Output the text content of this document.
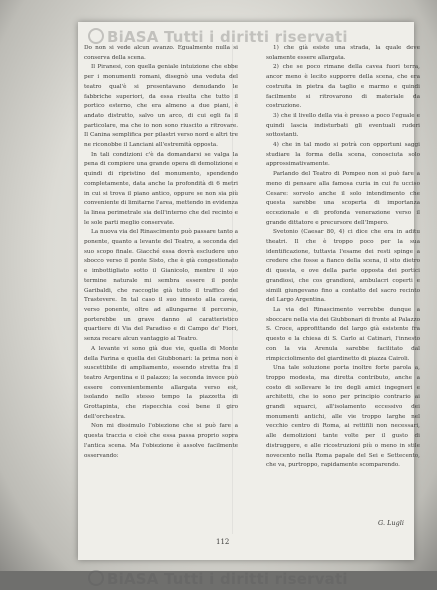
BiASA Tutti i diritti riservati
BiASA Tutti i diritti riservati

Do non si vede alcun avanzo. Egualmente nulla si conserva della scena.

Il Piranesi, con quella geniale intuizione che ebbe per i monumenti romani, disegnò una veduta del teatro qual'è si presentavano denudando le fabbriche superiori, da essa risulta che tutto il portico esterno, che era almeno a due piani, è andato distrutto, salvo un arco, di cui egli fa il particolare, ma che io non sono riuscito a ritrovare. Il Canina semplifica per pilastri verso nord e altri tre ne riconobbe il Lanciani all'estremità opposta.

In tali condizioni c'è da domandarsi se valga la pena di compiere una grande opera di demolizione e quindi di ripristino del monumento, spendendo completamente, data anche la profondità di 6 metri in cui si trova il piano antico, oppure se non sia più conveniente di limitarne l'area, mettendo in evidenza la linea perimetrale sia dell'interno che del recinto e le sole parti meglio conservate.

La nuova via del Rinascimento può passare tanto a ponente, quanto a levante del Teatro, a seconda del suo scopo finale. Giacché essa dovrà escludere uno sbocco verso il ponte Sisto, che è già congestionato e imbottigliato sotto il Gianicolo, mentre il suo termine naturale mi sembra essere il ponte Garibaldi, che raccoglie già tutto il traffico del Trastevere. In tal caso il suo innesto alla cavea, verso ponente, oltre ad allungarne il percorso, porterebbe un grave danno al caratteristico quartiere di Via del Paradiso e di Campo de' Fiori, senza recare alcun vantaggio al Teatro.

A levante vi sono già due vie, quella di Monte della Farina e quella dei Giubbonari: la prima non è suscettibile di ampliamento, essendo stretta fra il teatro Argentina e il palazzo; la seconda invece può essere convenientemente allargata verso est, isolando nello stesso tempo la piazzetta di Grottapinta, che rispecchia così bene il giro dell'orchestra.

Non mi dissimulo l'obiezione che si può fare a questa traccia e cioè che essa passa proprio sopra l'antica scena. Ma l'obiezione è assolve facilmente osservando:

1) che già esiste una strada, la quale deve solamente essere allargata.

2) che se poco rimane della cavea fuori terra, ancor meno è lecito supporre della scena, che era costruita in pietra da taglio e marmo e quindi facilmente si ritrovarono di materiale da costruzione.

3) che il livello della via è presso a poco l'eguale e quindi lascia indisturbati gli eventuali ruderi sottostanti.

4) che in tal modo si potrà con opportuni saggi studiare la forma della scena, conosciuta solo approssimativamente.

Parlando del Teatro di Pompeo non si può fare a meno di pensare alla famosa curia in cui fu ucciso Cesare: sorvolo anche il solo intendimento che questa sarebbe una scoperta di importanza eccezionale e di profonda venerazione verso il grande dittatore e precursore dell'Impero.

Svetonio (Caesar 80, 4) ci dice che era in aditu theatri. Il che è troppo poco per la sua identificazione, tuttavia l'esame dei resti spinge a credere che fosse a fianco della scena, il sito dietro di questa, e ove della parte opposta dei portici grandiosi, che cos grandioni, ambulacri coperti e simili giungevano fino a contatto del sacro recinto del Largo Argentina.

La via del Rinascimento verrebbe dunque a sboccare nella via dei Giubbonari di fronte al Palazzo S. Croce, approfittando del largo già esistente fra questo e la chiesa di S. Carlo ai Catinari, l'innesto con la via Arenula sarebbe facilitato dal rimpicciolimento del giardinetto di piazza Cairoli.

Una tale soluzione porta inoltre forte parola a, troppo modesta, ma diretta contributo, anche a costo di sollevare le ire degli amici ingegneri e architetti, che io sono per principio contrario ai grandi squarci, all'isolamento eccessivo dei monumenti antichi, alle vie troppo larghe nel vecchio centro di Roma, ai rettifili non necessari, alle demolizioni tante volte per il gusto di distruggere, e alle ricostruzioni più o meno in stile novecento nella Roma papale del Sei e Settecento, che va, purtroppo, rapidamente scomparendo.

G. Lugli
112
